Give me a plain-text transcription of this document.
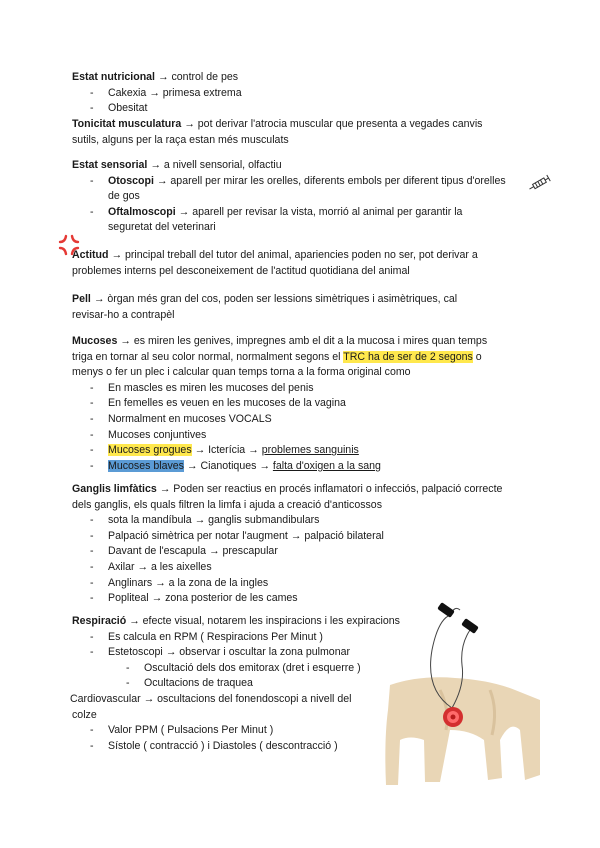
Estat nutricional → control de pes
- Cakexia → primesa extrema
- Obesitat
Tonicitat musculatura → pot derivar l'atrocia muscular que presenta a vegades canvis
sutils, alguns per la raça estan més musculats
Estat sensorial → a nivell sensorial, olfactiu
- Otoscopi → aparell per mirar les orelles, diferents embols per diferent tipus d'orelles
de gos
- Oftalmoscopi → aparell per revisar la vista, morrió al animal per garantir la
seguretat del veterinari
Actitud → principal treball del tutor del animal, apariencies poden no ser, pot derivar a
problemes interns pel desconeixement de l'actitud quotidiana del animal
Pell → òrgan més gran del cos, poden ser lessions simètriques i asimètriques, cal
revisar-ho a contrapèl
Mucoses → es miren les genives, impregnes amb el dit a la mucosa i mires quan temps
triga en tornar al seu color normal, normalment segons el TRC ha de ser de 2 segons o
menys o fer un plec i calcular quan temps torna a la forma original como
- En mascles es miren les mucoses del penis
- En femelles es veuen en les mucoses de la vagina
- Normalment en mucoses VOCALS
- Mucoses conjuntives
- Mucoses grogues → Icterícia → problemes sanguinis
- Mucoses blaves → Cianotiques → falta d'oxigen a la sang
Ganglis limfàtics → Poden ser reactius en procés inflamatori o infecciós, palpació correcte
dels ganglis, els quals filtren la limfa i ajuda a creació d'anticossos
- sota la mandíbula → ganglis submandibulars
- Palpació simètrica per notar l'augment → palpació bilateral
- Davant de l'escapula → prescapular
- Axilar → a les aixelles
- Anglinars → a la zona de la ingles
- Popliteal → zona posterior de les cames
Respiració → efecte visual, notarem les inspiracions i les expiracions
- Es calcula en RPM ( Respiracions Per Minut )
- Estetoscopi → observar i oscultar la zona pulmonar
- Oscultació dels dos emitorax (dret i esquerre )
- Ocultacions de traquea
Cardiovascular → oscultacions del fonendoscopi a nivell del
colze
- Valor PPM ( Pulsacions Per Minut )
- Sístole ( contracció ) i Diastoles ( descontracció )
